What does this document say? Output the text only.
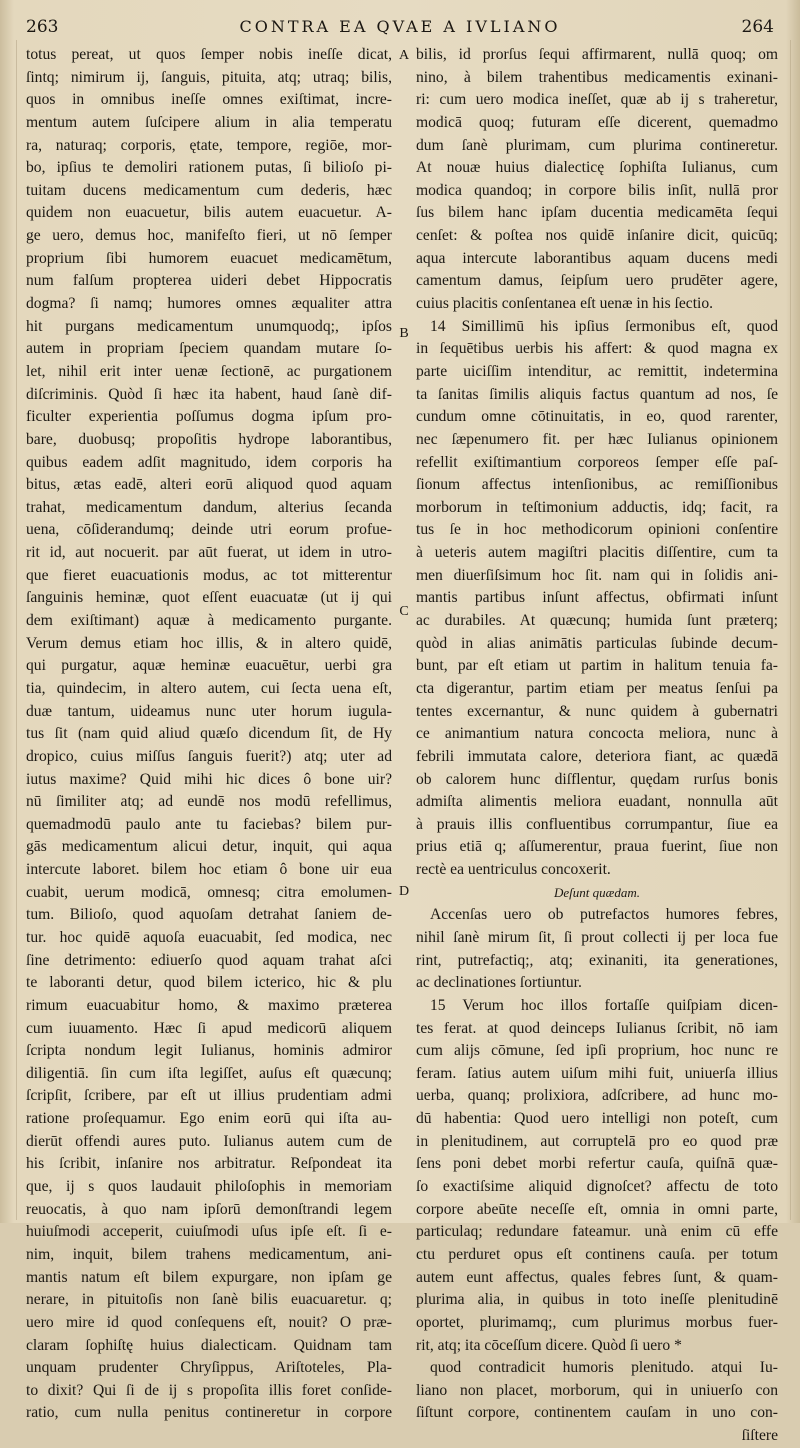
263	CONTRA EA QVAE A IVLIANO	264
A
B
C
D
totus pereat, ut quos ſemper nobis ineſſe dicat,
ſintq; nimirum ij, ſanguis, pituita, atq; utraq; bilis,
quos in omnibus ineſſe omnes exiſtimat, incre-
mentum autem ſuſcipere alium in alia temperatu
ra, naturaq; corporis, ętate, tempore, regiōe, mor-
bo, ipſius te demoliri rationem putas, ſi bilioſo pi-
tuitam ducens medicamentum cum dederis, hæc
quidem non euacuetur, bilis autem euacuetur. A-
ge uero, demus hoc, manifeſto fieri, ut nō ſemper
proprium ſibi humorem euacuet medicamētum,
num falſum propterea uideri debet Hippocratis
dogma? ſi namq; humores omnes æqualiter attra
hit purgans medicamentum unumquodq;, ipſos
autem in propriam ſpeciem quandam mutare ſo-
let, nihil erit inter uenæ ſectionē, ac purgationem
diſcriminis. Quòd ſi hæc ita habent, haud ſanè dif-
ficulter experientia poſſumus dogma ipſum pro-
bare, duobusq; propoſitis hydrope laborantibus,
quibus eadem adſit magnitudo, idem corporis ha
bitus, ætas eadē, alteri eorū aliquod quod aquam
trahat, medicamentum dandum, alterius ſecanda
uena, cōſiderandumq; deinde utri eorum profue-
rit id, aut nocuerit. par aūt fuerat, ut idem in utro-
que fieret euacuationis modus, ac tot mitterentur
ſanguinis heminæ, quot eſſent euacuatæ (ut ij qui
dem exiſtimant) aquæ à medicamento purgante.
Verum demus etiam hoc illis, & in altero quidē,
qui purgatur, aquæ heminæ euacuētur, uerbi gra
tia, quindecim, in altero autem, cui ſecta uena eſt,
duæ tantum, uideamus nunc uter horum iugula-
tus ſit (nam quid aliud quæſo dicendum ſit, de Hy
dropico, cuius miſſus ſanguis fuerit?) atq; uter ad
iutus maxime? Quid mihi hic dices ô bone uir?
nū ſimiliter atq; ad eundē nos modū refellimus,
quemadmodū paulo ante tu faciebas? bilem pur-
gās medicamentum alicui detur, inquit, qui aqua
intercute laboret. bilem hoc etiam ô bone uir eua
cuabit, uerum modicā, omnesq; citra emolumen-
tum. Bilioſo, quod aquoſam detrahat ſaniem de-
tur. hoc quidē aquoſa euacuabit, ſed modica, nec
ſine detrimento: ediuerſo quod aquam trahat aſci
te laboranti detur, quod bilem icterico, hic & plu
rimum euacuabitur homo, & maximo præterea
cum iuuamento. Hæc ſi apud medicorū aliquem
ſcripta nondum legit Iulianus, hominis admiror
diligentiā. ſin cum iſta legiſſet, auſus eſt quæcunq;
ſcripſit, ſcribere, par eſt ut illius prudentiam admi
ratione proſequamur. Ego enim eorū qui iſta au-
dierūt offendi aures puto. Iulianus autem cum de
his ſcribit, inſanire nos arbitratur. Reſpondeat ita
que, ij s quos laudauit philoſophis in memoriam
reuocatis, à quo nam ipſorū demonſtrandi legem
huiuſmodi acceperit, cuiuſmodi uſus ipſe eſt. ſi e-
nim, inquit, bilem trahens medicamentum, ani-
mantis natum eſt bilem expurgare, non ipſam ge
nerare, in pituitoſis non ſanè bilis euacuaretur. q;
uero mire id quod conſequens eſt, nouit? O præ-
claram ſophiſtę huius dialecticam. Quidnam tam
unquam prudenter Chryſippus, Ariſtoteles, Pla-
to dixit? Qui ſi de ij s propoſita illis foret conſide-
ratio, cum nulla penitus contineretur in corpore
bilis, id prorſus ſequi affirmarent, nullā quoq; om
nino, à bilem trahentibus medicamentis exinani-
ri: cum uero modica ineſſet, quæ ab ij s traheretur,
modicā quoq; futuram eſſe dicerent, quemadmo
dum ſanè plurimam, cum plurima contineretur.
At nouæ huius dialecticę ſophiſta Iulianus, cum
modica quandoq; in corpore bilis inſit, nullā pror
ſus bilem hanc ipſam ducentia medicamēta ſequi
cenſet: & poſtea nos quidē inſanire dicit, quicūq;
aqua intercute laborantibus aquam ducens medi
camentum damus, ſeipſum uero prudēter agere,
cuius placitis conſentanea eſt uenæ in his ſectio.
14 Simillimū his ipſius ſermonibus eſt, quod
in ſequētibus uerbis his affert: & quod magna ex
parte uiciſſim intenditur, ac remittit, indetermina
ta ſanitas ſimilis aliquis factus quantum ad nos, ſe
cundum omne cōtinuitatis, in eo, quod rarenter,
nec ſæpenumero fit. per hæc Iulianus opinionem
refellit exiſtimantium corporeos ſemper eſſe paſ-
ſionum affectus intenſionibus, ac remiſſionibus
morborum in teſtimonium adductis, idq; facit, ra
tus ſe in hoc methodicorum opinioni conſentire
à ueteris autem magiſtri placitis diſſentire, cum ta
men diuerſiſsimum hoc ſit. nam qui in ſolidis ani-
mantis partibus inſunt affectus, obfirmati inſunt
ac durabiles. At quæcunq; humida ſunt præterq;
quòd in alias animātis particulas ſubinde decum-
bunt, par eſt etiam ut partim in halitum tenuia fa-
cta digerantur, partim etiam per meatus ſenſui pa
tentes excernantur, & nunc quidem à gubernatri
ce animantium natura concocta meliora, nunc à
febrili immutata calore, deteriora fiant, ac quædā
ob calorem hunc diſflentur, quędam rurſus bonis
admiſta alimentis meliora euadant, nonnulla aūt
à prauis illis confluentibus corrumpantur, ſiue ea
prius etiā q; aſſumerentur, praua fuerint, ſiue non
rectè ea uentriculus concoxerit.
Deſunt quædam.
Accenſas uero ob putrefactos humores febres,
nihil ſanè mirum ſit, ſi prout collecti ij per loca fue
rint, putrefactiq;, atq; exinaniti, ita generationes,
ac declinationes ſortiuntur.
15 Verum hoc illos fortaſſe quiſpiam dicen-
tes ferat. at quod deinceps Iulianus ſcribit, nō iam
cum alijs cōmune, ſed ipſi proprium, hoc nunc re
feram. ſatius autem uiſum mihi fuit, uniuerſa illius
uerba, quanq; prolixiora, adſcribere, ad hunc mo-
dū habentia: Quod uero intelligi non poteſt, cum
in plenitudinem, aut corruptelā pro eo quod præ
ſens poni debet morbi refertur cauſa, quiſnā quæ-
ſo exactiſsime aliquid dignoſcet? affectu de toto
corpore abeūte neceſſe eſt, omnia in omni parte,
particulaq; redundare fateamur. unà enim cū effe
ctu perduret opus eſt continens cauſa. per totum
autem eunt affectus, quales febres ſunt, & quam-
plurima alia, in quibus in toto ineſſe plenitudinē
oportet, plurimamq;, cum plurimus morbus fuer-
rit, atq; ita cōceſſum dicere. Quòd ſi uero *
quod contradicit humoris plenitudo. atqui Iu-
liano non placet, morborum, qui in uniuerſo con
ſiſtunt corpore, continentem cauſam in uno con-
ſiſtere
